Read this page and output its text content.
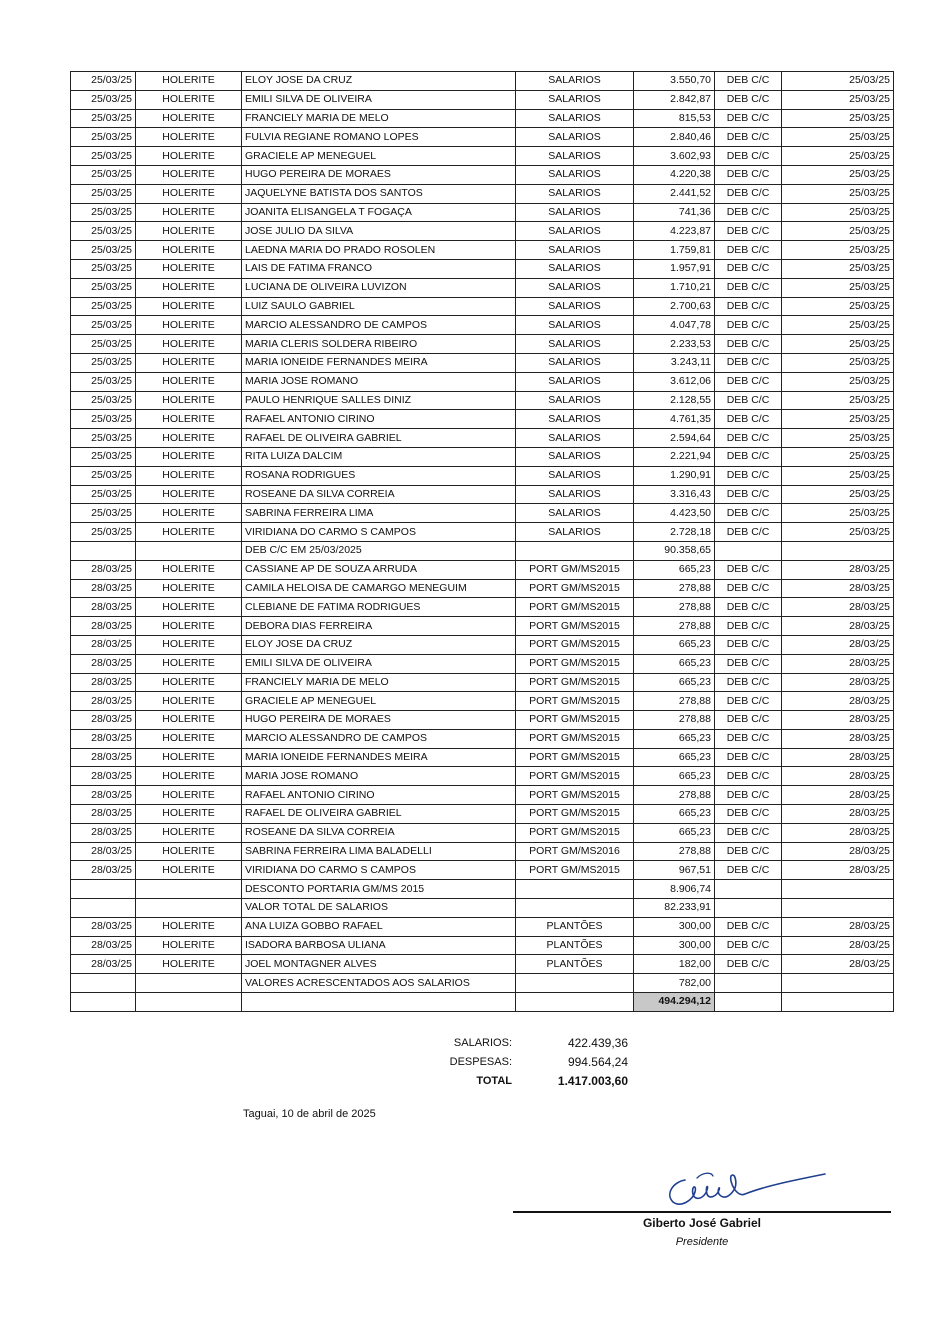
25/03/25	HOLERITE	ELOY JOSE DA CRUZ	SALARIOS	3.550,70	DEB C/C	25/03/25
25/03/25	HOLERITE	EMILI SILVA DE OLIVEIRA	SALARIOS	2.842,87	DEB C/C	25/03/25
25/03/25	HOLERITE	FRANCIELY MARIA DE MELO	SALARIOS	815,53	DEB C/C	25/03/25
25/03/25	HOLERITE	FULVIA REGIANE ROMANO LOPES	SALARIOS	2.840,46	DEB C/C	25/03/25
25/03/25	HOLERITE	GRACIELE AP MENEGUEL	SALARIOS	3.602,93	DEB C/C	25/03/25
25/03/25	HOLERITE	HUGO PEREIRA DE MORAES	SALARIOS	4.220,38	DEB C/C	25/03/25
25/03/25	HOLERITE	JAQUELYNE BATISTA DOS SANTOS	SALARIOS	2.441,52	DEB C/C	25/03/25
25/03/25	HOLERITE	JOANITA ELISANGELA T FOGAÇA	SALARIOS	741,36	DEB C/C	25/03/25
25/03/25	HOLERITE	JOSE JULIO DA SILVA	SALARIOS	4.223,87	DEB C/C	25/03/25
25/03/25	HOLERITE	LAEDNA MARIA DO PRADO ROSOLEN	SALARIOS	1.759,81	DEB C/C	25/03/25
25/03/25	HOLERITE	LAIS DE FATIMA FRANCO	SALARIOS	1.957,91	DEB C/C	25/03/25
25/03/25	HOLERITE	LUCIANA DE OLIVEIRA LUVIZON	SALARIOS	1.710,21	DEB C/C	25/03/25
25/03/25	HOLERITE	LUIZ SAULO GABRIEL	SALARIOS	2.700,63	DEB C/C	25/03/25
25/03/25	HOLERITE	MARCIO ALESSANDRO DE CAMPOS	SALARIOS	4.047,78	DEB C/C	25/03/25
25/03/25	HOLERITE	MARIA CLERIS SOLDERA RIBEIRO	SALARIOS	2.233,53	DEB C/C	25/03/25
25/03/25	HOLERITE	MARIA IONEIDE FERNANDES MEIRA	SALARIOS	3.243,11	DEB C/C	25/03/25
25/03/25	HOLERITE	MARIA JOSE ROMANO	SALARIOS	3.612,06	DEB C/C	25/03/25
25/03/25	HOLERITE	PAULO HENRIQUE SALLES DINIZ	SALARIOS	2.128,55	DEB C/C	25/03/25
25/03/25	HOLERITE	RAFAEL ANTONIO CIRINO	SALARIOS	4.761,35	DEB C/C	25/03/25
25/03/25	HOLERITE	RAFAEL DE OLIVEIRA GABRIEL	SALARIOS	2.594,64	DEB C/C	25/03/25
25/03/25	HOLERITE	RITA LUIZA DALCIM	SALARIOS	2.221,94	DEB C/C	25/03/25
25/03/25	HOLERITE	ROSANA RODRIGUES	SALARIOS	1.290,91	DEB C/C	25/03/25
25/03/25	HOLERITE	ROSEANE DA SILVA CORREIA	SALARIOS	3.316,43	DEB C/C	25/03/25
25/03/25	HOLERITE	SABRINA FERREIRA LIMA	SALARIOS	4.423,50	DEB C/C	25/03/25
25/03/25	HOLERITE	VIRIDIANA DO CARMO S CAMPOS	SALARIOS	2.728,18	DEB C/C	25/03/25
		DEB C/C EM 25/03/2025		90.358,65		
28/03/25	HOLERITE	CASSIANE AP DE SOUZA ARRUDA	PORT GM/MS2015	665,23	DEB C/C	28/03/25
28/03/25	HOLERITE	CAMILA HELOISA DE CAMARGO MENEGUIM	PORT GM/MS2015	278,88	DEB C/C	28/03/25
28/03/25	HOLERITE	CLEBIANE DE FATIMA RODRIGUES	PORT GM/MS2015	278,88	DEB C/C	28/03/25
28/03/25	HOLERITE	DEBORA DIAS FERREIRA	PORT GM/MS2015	278,88	DEB C/C	28/03/25
28/03/25	HOLERITE	ELOY JOSE DA CRUZ	PORT GM/MS2015	665,23	DEB C/C	28/03/25
28/03/25	HOLERITE	EMILI SILVA DE OLIVEIRA	PORT GM/MS2015	665,23	DEB C/C	28/03/25
28/03/25	HOLERITE	FRANCIELY MARIA DE MELO	PORT GM/MS2015	665,23	DEB C/C	28/03/25
28/03/25	HOLERITE	GRACIELE AP MENEGUEL	PORT GM/MS2015	278,88	DEB C/C	28/03/25
28/03/25	HOLERITE	HUGO PEREIRA DE MORAES	PORT GM/MS2015	278,88	DEB C/C	28/03/25
28/03/25	HOLERITE	MARCIO ALESSANDRO DE CAMPOS	PORT GM/MS2015	665,23	DEB C/C	28/03/25
28/03/25	HOLERITE	MARIA IONEIDE FERNANDES MEIRA	PORT GM/MS2015	665,23	DEB C/C	28/03/25
28/03/25	HOLERITE	MARIA JOSE ROMANO	PORT GM/MS2015	665,23	DEB C/C	28/03/25
28/03/25	HOLERITE	RAFAEL ANTONIO CIRINO	PORT GM/MS2015	278,88	DEB C/C	28/03/25
28/03/25	HOLERITE	RAFAEL DE OLIVEIRA GABRIEL	PORT GM/MS2015	665,23	DEB C/C	28/03/25
28/03/25	HOLERITE	ROSEANE DA SILVA CORREIA	PORT GM/MS2015	665,23	DEB C/C	28/03/25
28/03/25	HOLERITE	SABRINA FERREIRA LIMA BALADELLI	PORT GM/MS2016	278,88	DEB C/C	28/03/25
28/03/25	HOLERITE	VIRIDIANA DO CARMO S CAMPOS	PORT GM/MS2015	967,51	DEB C/C	28/03/25
		DESCONTO PORTARIA GM/MS 2015		8.906,74		
		VALOR TOTAL DE SALARIOS		82.233,91		
28/03/25	HOLERITE	ANA LUIZA GOBBO RAFAEL	PLANTÕES	300,00	DEB C/C	28/03/25
28/03/25	HOLERITE	ISADORA BARBOSA ULIANA	PLANTÕES	300,00	DEB C/C	28/03/25
28/03/25	HOLERITE	JOEL MONTAGNER ALVES	PLANTÕES	182,00	DEB C/C	28/03/25
		VALORES ACRESCENTADOS AOS SALARIOS		782,00		
				494.294,12		
SALARIOS:	422.439,36
DESPESAS:	994.564,24
TOTAL	1.417.003,60
Taguai, 10 de abril de 2025
Giberto José Gabriel
Presidente
